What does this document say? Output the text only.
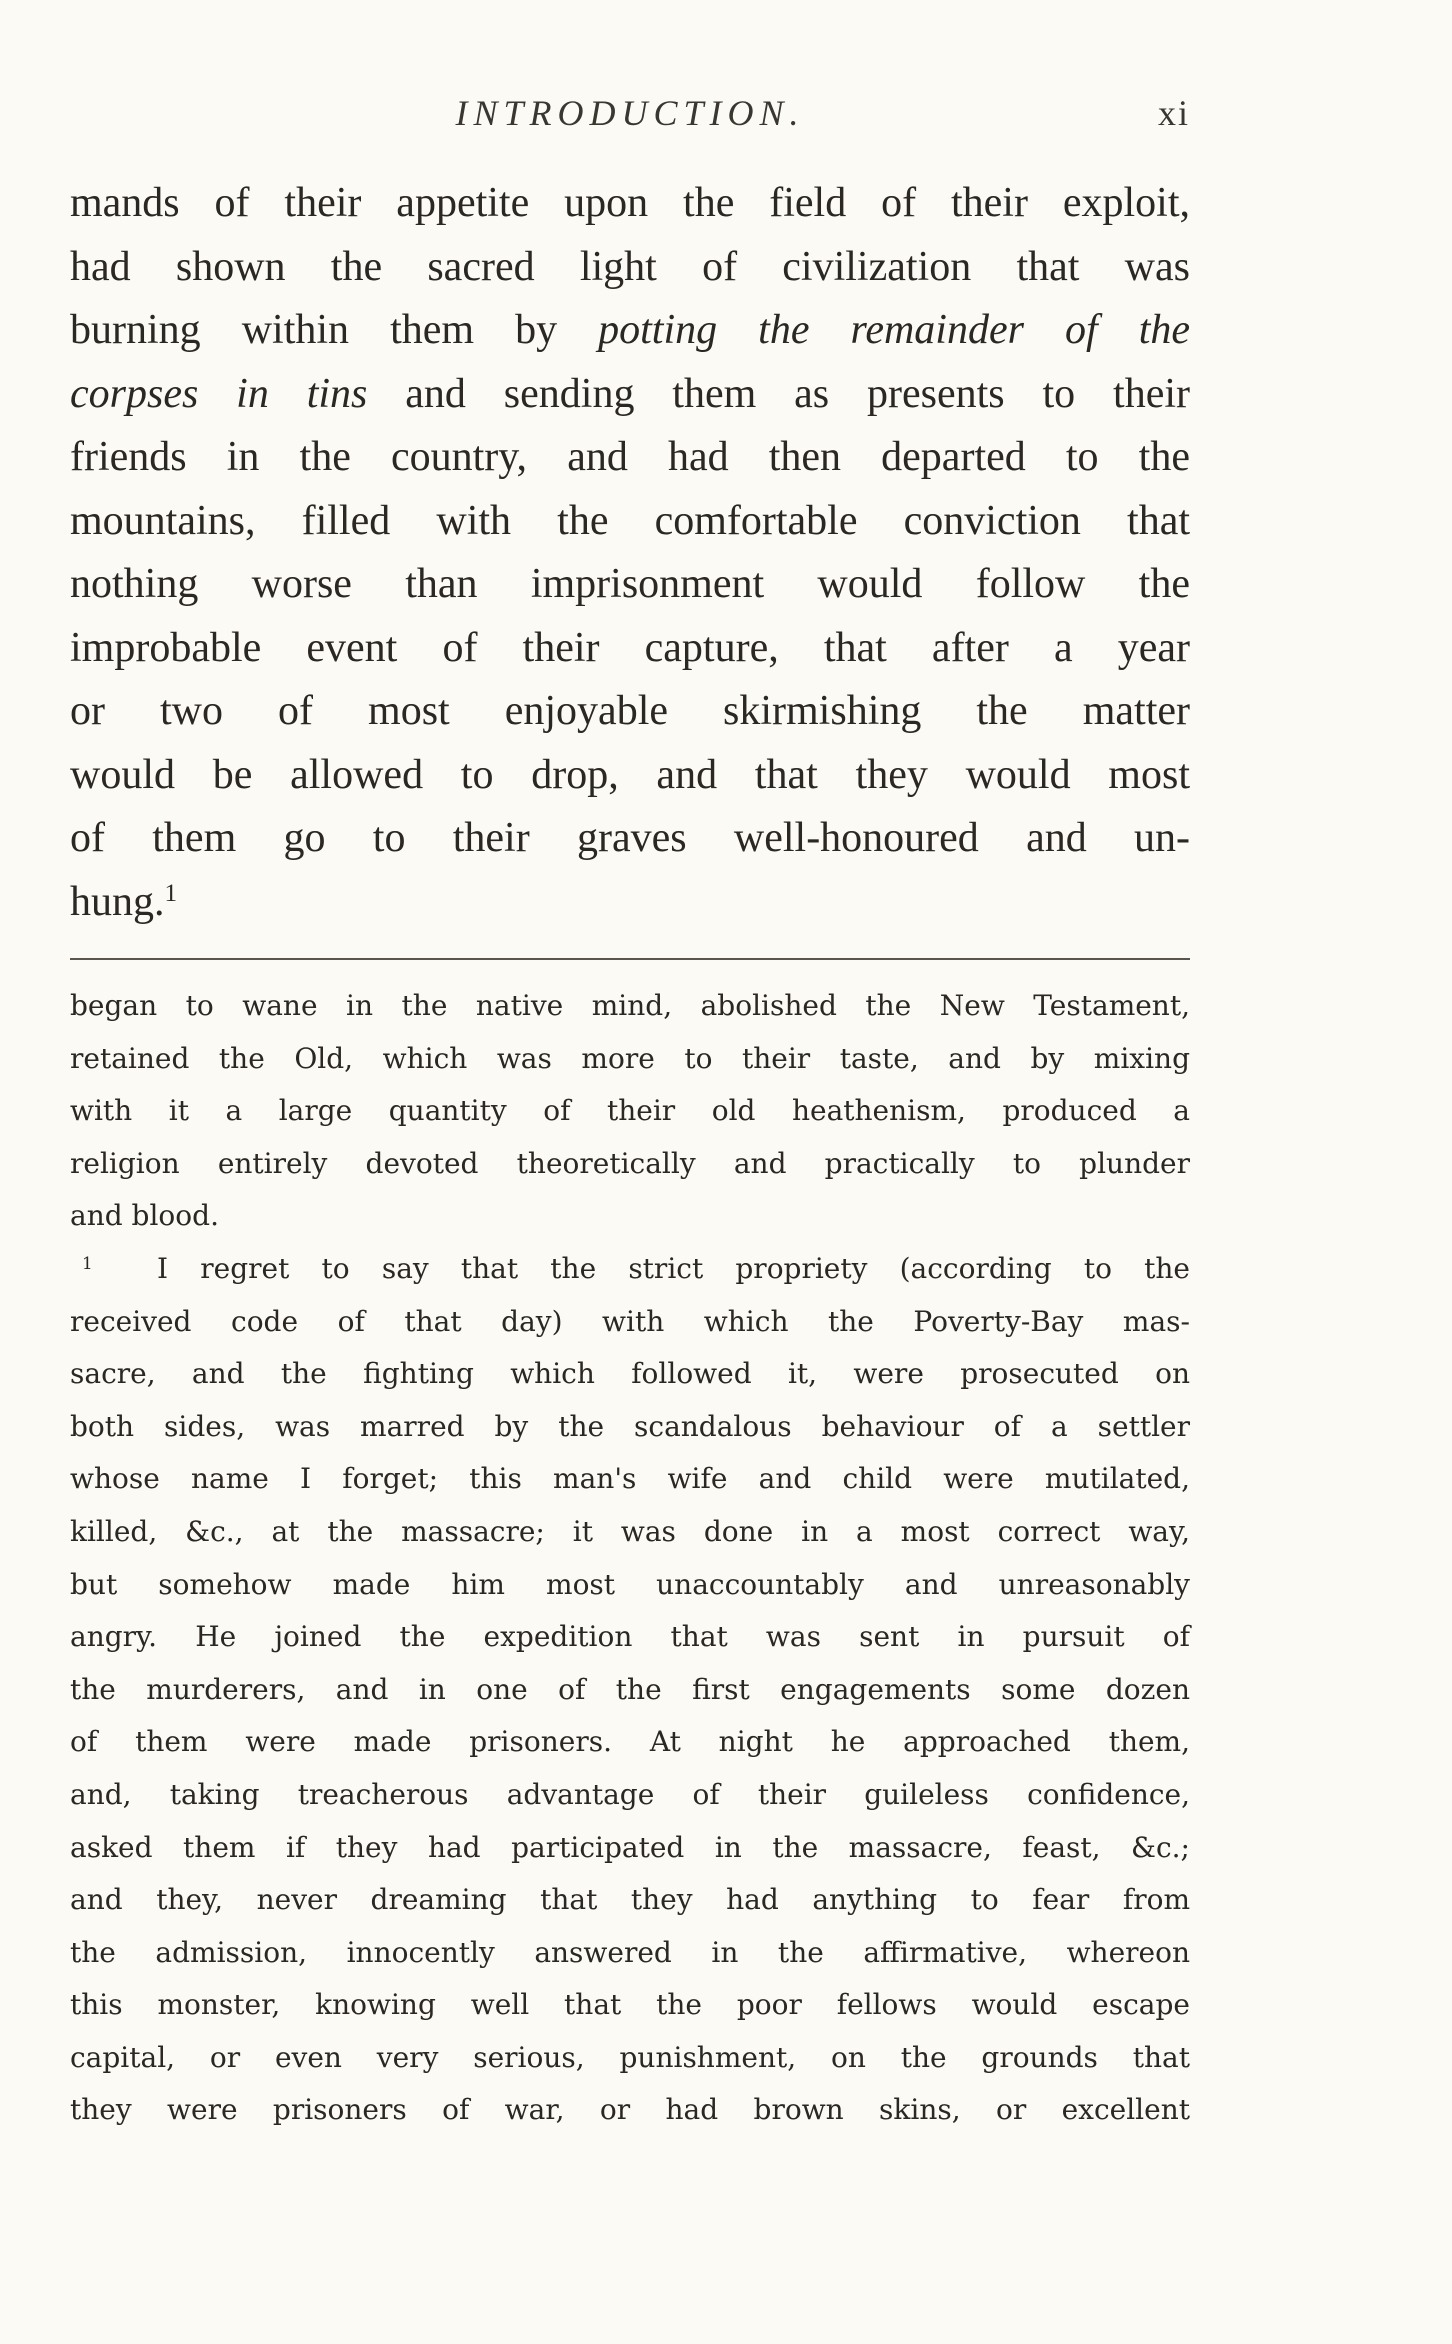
INTRODUCTION.	xi
mands of their appetite upon the field of their exploit,
had shown the sacred light of civilization that was
burning within them by potting the remainder of the
corpses in tins and sending them as presents to their
friends in the country, and had then departed to the
mountains, filled with the comfortable conviction that
nothing worse than imprisonment would follow the
improbable event of their capture, that after a year
or two of most enjoyable skirmishing the matter
would be allowed to drop, and that they would most
of them go to their graves well-honoured and un-
hung.$^1$
began to wane in the native mind, abolished the New Testament,
retained the Old, which was more to their taste, and by mixing
with it a large quantity of their old heathenism, produced a
religion entirely devoted theoretically and practically to plunder
and blood.
$^1$ I regret to say that the strict propriety (according to the
received code of that day) with which the Poverty-Bay mas-
sacre, and the fighting which followed it, were prosecuted on
both sides, was marred by the scandalous behaviour of a settler
whose name I forget; this man's wife and child were mutilated,
killed, &c., at the massacre; it was done in a most correct way,
but somehow made him most unaccountably and unreasonably
angry. He joined the expedition that was sent in pursuit of
the murderers, and in one of the first engagements some dozen
of them were made prisoners. At night he approached them,
and, taking treacherous advantage of their guileless confidence,
asked them if they had participated in the massacre, feast, &c.;
and they, never dreaming that they had anything to fear from
the admission, innocently answered in the affirmative, whereon
this monster, knowing well that the poor fellows would escape
capital, or even very serious, punishment, on the grounds that
they were prisoners of war, or had brown skins, or excellent
